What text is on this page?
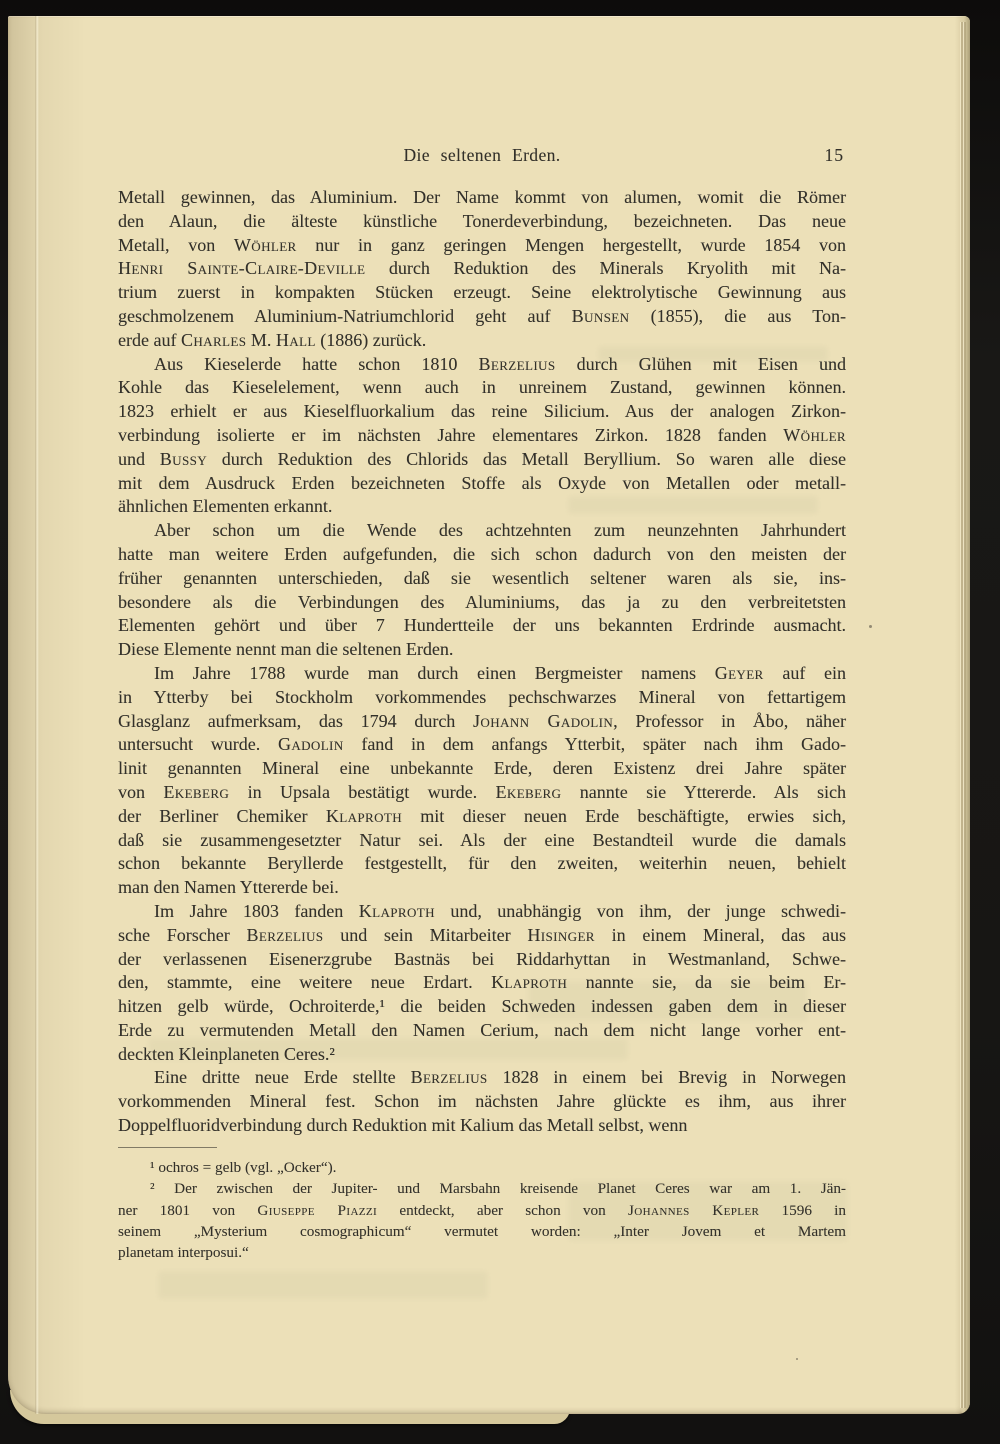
Die seltenen Erden.	15
Metall gewinnen, das Aluminium. Der Name kommt von alumen, womit die Römer
den Alaun, die älteste künstliche Tonerdeverbindung, bezeichneten. Das neue
Metall, von Wöhler nur in ganz geringen Mengen hergestellt, wurde 1854 von
Henri Sainte-Claire-Deville durch Reduktion des Minerals Kryolith mit Na-
trium zuerst in kompakten Stücken erzeugt. Seine elektrolytische Gewinnung aus
geschmolzenem Aluminium-Natriumchlorid geht auf Bunsen (1855), die aus Ton-
erde auf Charles M. Hall (1886) zurück.
Aus Kieselerde hatte schon 1810 Berzelius durch Glühen mit Eisen und
Kohle das Kieselelement, wenn auch in unreinem Zustand, gewinnen können.
1823 erhielt er aus Kieselfluorkalium das reine Silicium. Aus der analogen Zirkon-
verbindung isolierte er im nächsten Jahre elementares Zirkon. 1828 fanden Wöhler
und Bussy durch Reduktion des Chlorids das Metall Beryllium. So waren alle diese
mit dem Ausdruck Erden bezeichneten Stoffe als Oxyde von Metallen oder metall-
ähnlichen Elementen erkannt.
Aber schon um die Wende des achtzehnten zum neunzehnten Jahrhundert
hatte man weitere Erden aufgefunden, die sich schon dadurch von den meisten der
früher genannten unterschieden, daß sie wesentlich seltener waren als sie, ins-
besondere als die Verbindungen des Aluminiums, das ja zu den verbreitetsten
Elementen gehört und über 7 Hundertteile der uns bekannten Erdrinde ausmacht.
Diese Elemente nennt man die seltenen Erden.
Im Jahre 1788 wurde man durch einen Bergmeister namens Geyer auf ein
in Ytterby bei Stockholm vorkommendes pechschwarzes Mineral von fettartigem
Glasglanz aufmerksam, das 1794 durch Johann Gadolin, Professor in Åbo, näher
untersucht wurde. Gadolin fand in dem anfangs Ytterbit, später nach ihm Gado-
linit genannten Mineral eine unbekannte Erde, deren Existenz drei Jahre später
von Ekeberg in Upsala bestätigt wurde. Ekeberg nannte sie Yttererde. Als sich
der Berliner Chemiker Klaproth mit dieser neuen Erde beschäftigte, erwies sich,
daß sie zusammengesetzter Natur sei. Als der eine Bestandteil wurde die damals
schon bekannte Beryllerde festgestellt, für den zweiten, weiterhin neuen, behielt
man den Namen Yttererde bei.
Im Jahre 1803 fanden Klaproth und, unabhängig von ihm, der junge schwedi-
sche Forscher Berzelius und sein Mitarbeiter Hisinger in einem Mineral, das aus
der verlassenen Eisenerzgrube Bastnäs bei Riddarhyttan in Westmanland, Schwe-
den, stammte, eine weitere neue Erdart. Klaproth nannte sie, da sie beim Er-
hitzen gelb würde, Ochroiterde,¹ die beiden Schweden indessen gaben dem in dieser
Erde zu vermutenden Metall den Namen Cerium, nach dem nicht lange vorher ent-
deckten Kleinplaneten Ceres.²
Eine dritte neue Erde stellte Berzelius 1828 in einem bei Brevig in Norwegen
vorkommenden Mineral fest. Schon im nächsten Jahre glückte es ihm, aus ihrer
Doppelfluoridverbindung durch Reduktion mit Kalium das Metall selbst, wenn
¹ ochros = gelb (vgl. „Ocker“).
² Der zwischen der Jupiter- und Marsbahn kreisende Planet Ceres war am 1. Jän-
ner 1801 von Giuseppe Piazzi entdeckt, aber schon von Johannes Kepler 1596 in
seinem „Mysterium cosmographicum“ vermutet worden: „Inter Jovem et Martem
planetam interposui.“
